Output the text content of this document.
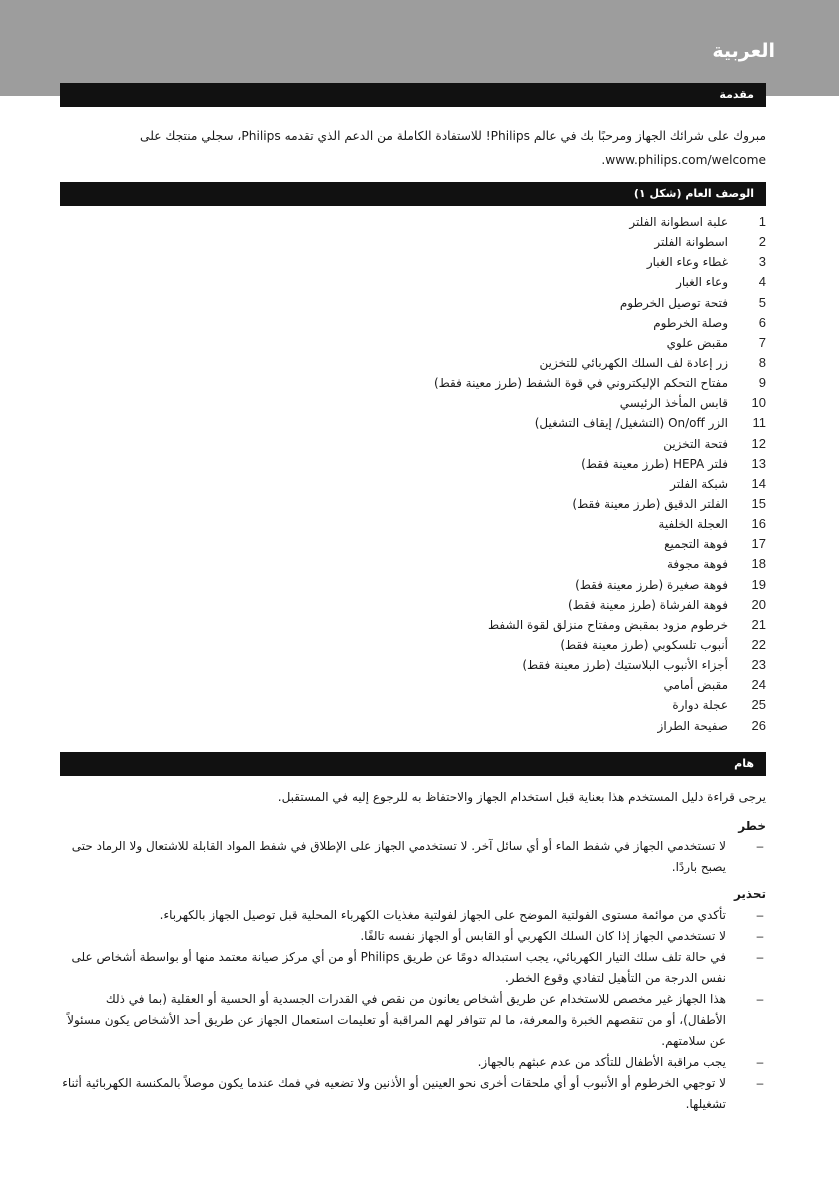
العربية
مقدمة
مبروك على شرائك الجهاز ومرحبًا بك في عالم Philips! للاستفادة الكاملة من الدعم الذي تقدمه Philips، سجلي منتجك على www.philips.com/welcome.
الوصف العام (شكل ١)
1علبة اسطوانة الفلتر
2اسطوانة الفلتر
3غطاء وعاء الغبار
4وعاء الغبار
5فتحة توصيل الخرطوم
6وصلة الخرطوم
7مقبض علوي
8زر إعادة لف السلك الكهربائي للتخزين
9مفتاح التحكم الإليكتروني في قوة الشفط (طرز معينة فقط)
10قابس المأخذ الرئيسي
11الزر On/off (التشغيل/ إيقاف التشغيل)
12فتحة التخزين
13فلتر HEPA (طرز معينة فقط)
14شبكة الفلتر
15الفلتر الدقيق (طرز معينة فقط)
16العجلة الخلفية
17فوهة التجميع
18فوهة مجوفة
19فوهة صغيرة (طرز معينة فقط)
20فوهة الفرشاة (طرز معينة فقط)
21خرطوم مزود بمقبض ومفتاح منزلق لقوة الشفط
22أنبوب تلسكوبي (طرز معينة فقط)
23أجزاء الأنبوب البلاستيك (طرز معينة فقط)
24مقبض أمامي
25عجلة دوارة
26صفيحة الطراز
هام
يرجى قراءة دليل المستخدم هذا بعناية قبل استخدام الجهاز والاحتفاظ به للرجوع إليه في المستقبل.
خطر
–
لا تستخدمي الجهاز في شفط الماء أو أي سائل آخر. لا تستخدمي الجهاز على الإطلاق في شفط المواد القابلة للاشتعال ولا الرماد حتى يصبح باردًا.
تحذير
–
تأكدي من موائمة مستوى الفولتية الموضح على الجهاز لفولتية مغذيات الكهرباء المحلية قبل توصيل الجهاز بالكهرباء.
–
لا تستخدمي الجهاز إذا كان السلك الكهربي أو القابس أو الجهاز نفسه تالفًا.
–
في حالة تلف سلك التيار الكهربائي، يجب استبداله دومًا عن طريق Philips أو من أي مركز صيانة معتمد منها أو بواسطة أشخاص على نفس الدرجة من التأهيل لتفادي وقوع الخطر.
–
هذا الجهاز غير مخصص للاستخدام عن طريق أشخاص يعانون من نقص في القدرات الجسدية أو الحسية أو العقلية (بما في ذلك الأطفال)، أو من تنقصهم الخبرة والمعرفة، ما لم تتوافر لهم المراقبة أو تعليمات استعمال الجهاز عن طريق أحد الأشخاص يكون مسئولاً عن سلامتهم.
–
يجب مراقبة الأطفال للتأكد من عدم عبثهم بالجهاز.
–
لا توجهي الخرطوم أو الأنبوب أو أي ملحقات أخرى نحو العينين أو الأذنين ولا تضعيه في فمك عندما يكون موصلاً بالمكنسة الكهربائية أثناء تشغيلها.
